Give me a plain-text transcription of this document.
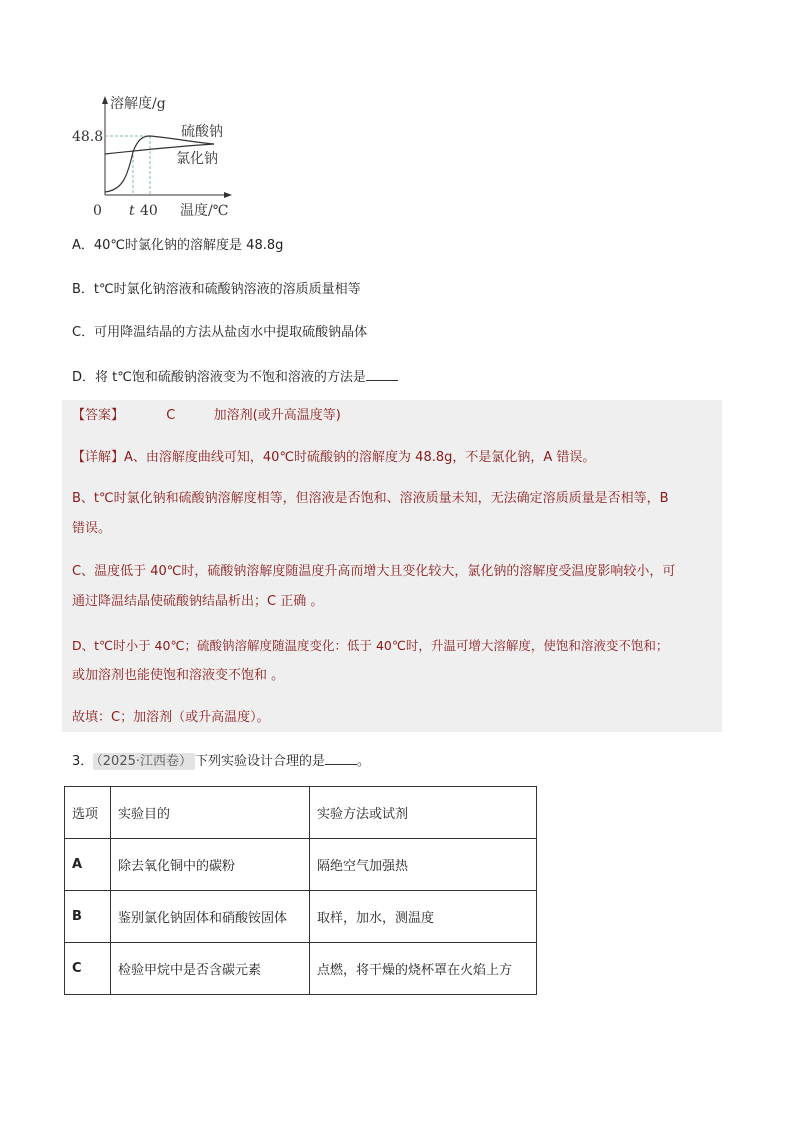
溶解度/g
48.8	硫酸钠
氯化钠
0 t 40 温度/℃

A．40℃时氯化钠的溶解度是 48.8g

B．t℃时氯化钠溶液和硫酸钠溶液的溶质质量相等

C．可用降温结晶的方法从盐卤水中提取硫酸钠晶体

D．将 t℃饱和硫酸钠溶液变为不饱和溶液的方法是

【答案】	C	加溶剂(或升高温度等)

【详解】A、由溶解度曲线可知，40℃时硫酸钠的溶解度为 48.8g，不是氯化钠，A 错误。

B、t℃时氯化钠和硫酸钠溶解度相等，但溶液是否饱和、溶液质量未知，无法确定溶质质量是否相等，B

错误。

C、温度低于 40℃时，硫酸钠溶解度随温度升高而增大且变化较大，氯化钠的溶解度受温度影响较小，可

通过降温结晶使硫酸钠结晶析出；C 正确 。

D、t℃时小于 40℃；硫酸钠溶解度随温度变化：低于 40℃时，升温可增大溶解度，使饱和溶液变不饱和；

或加溶剂也能使饱和溶液变不饱和 。

故填：C；加溶剂（或升高温度）。

3． （2025·江西卷） 下列实验设计合理的是 。

选项	实验目的	实验方法或试剂
A	除去氧化铜中的碳粉	隔绝空气加强热
B	鉴别氯化钠固体和硝酸铵固体	取样，加水，测温度
C	检验甲烷中是否含碳元素	点燃，将干燥的烧杯罩在火焰上方
